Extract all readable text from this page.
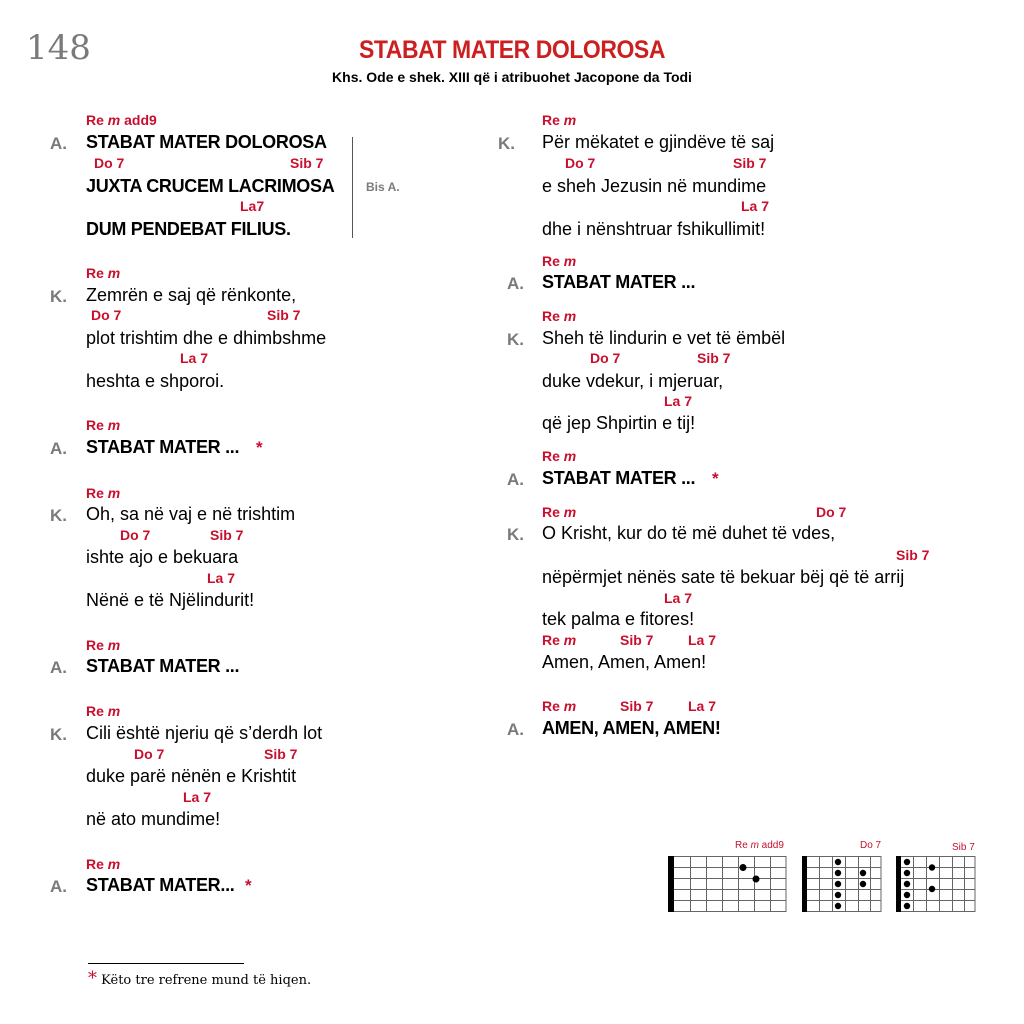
148	STABAT MATER DOLOROSA
Khs. Ode e shek. XIII që i atribuohet Jacopone da Todi
Re m add9
A. STABAT MATER DOLOROSA
Do 7	Sib 7
JUXTA CRUCEM LACRIMOSA
La7
DUM PENDEBAT FILIUS.
Bis A.
Re m
K. Zemrën e saj që rënkonte,
Do 7	Sib 7
plot trishtim dhe e dhimbshme
La 7
heshta e shporoi.
Re m
A. STABAT MATER ... *
Re m
K. Oh, sa në vaj e në trishtim
Do 7	Sib 7
ishte ajo e bekuara
La 7
Nënë e të Njëlindurit!
Re m
A. STABAT MATER ...
Re m
K. Cili është njeriu që s’derdh lot
Do 7	Sib 7
duke parë nënën e Krishtit
La 7
në ato mundime!
Re m
A. STABAT MATER... *
Re m
K. Për mëkatet e gjindëve të saj
Do 7	Sib 7
e sheh Jezusin në mundime
La 7
dhe i nënshtruar fshikullimit!
Re m
A. STABAT MATER ...
Re m
K. Sheh të lindurin e vet të ëmbël
Do 7	Sib 7
duke vdekur, i mjeruar,
La 7
që jep Shpirtin e tij!
Re m
A. STABAT MATER ... *
Re m	Do 7
K. O Krisht, kur do të më duhet të vdes,
Sib 7
nëpërmjet nënës sate të bekuar bëj që të arrij
La 7
tek palma e fitores!
Re m	Sib 7 La 7
Amen, Amen, Amen!
Re m	Sib 7 La 7
A. AMEN, AMEN, AMEN!
Re m add9	Do 7	Sib 7
* Këto tre refrene mund të hiqen.
